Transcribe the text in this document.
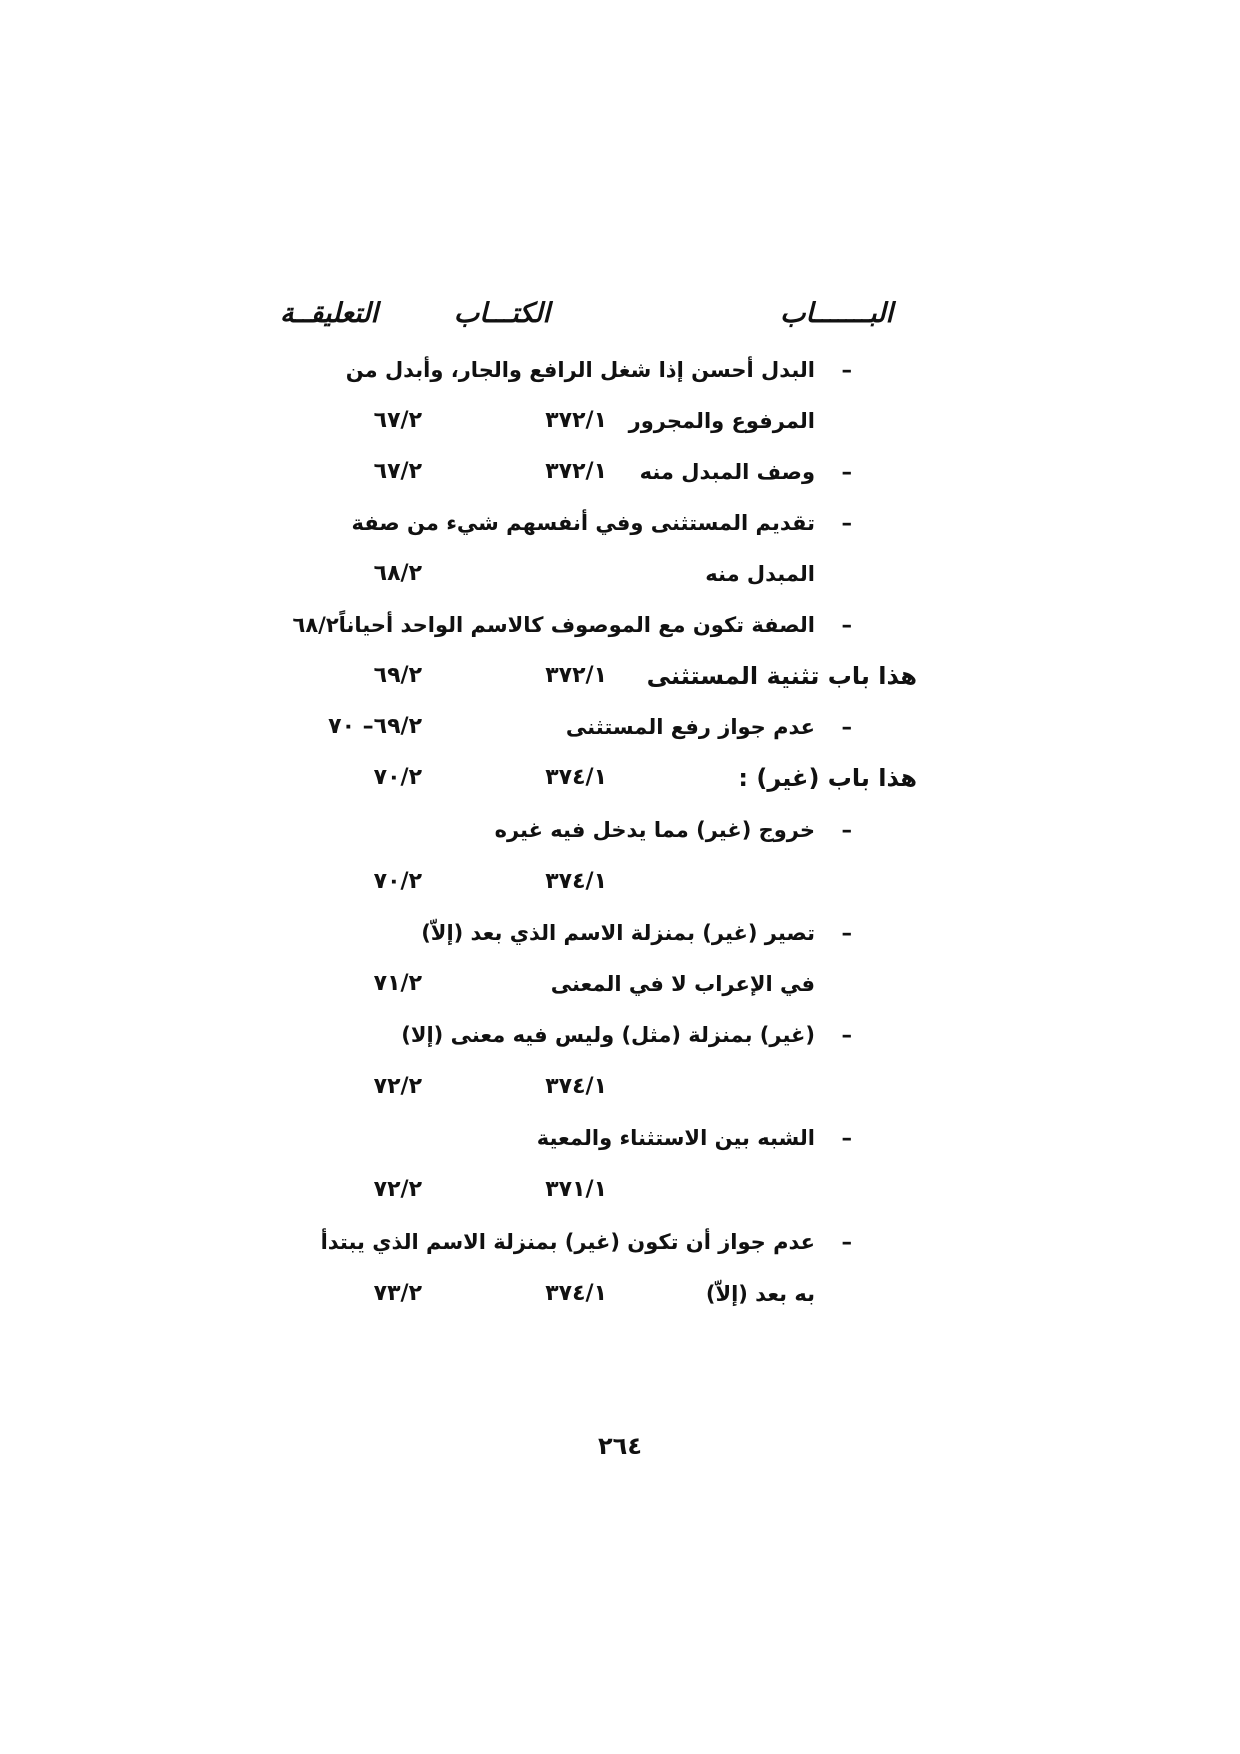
البـــــــاب
الكتـــاب
التعليقــة
–
البدل أحسن إذا شغل الرافع والجار، وأبدل من
المرفوع والمجرور
٣٧٢/١
٦٧/٢
–
وصف المبدل منه
٣٧٢/١
٦٧/٢
–
تقديم المستثنى وفي أنفسهم شيء من صفة
المبدل منه
٦٨/٢
–
الصفة تكون مع الموصوف كالاسم الواحد أحياناً٦٨/٢
هذا باب تثنية المستثنى
٣٧٢/١
٦٩/٢
–
عدم جواز رفع المستثنى
٦٩/٢– ٧٠
هذا باب (غير) :
٣٧٤/١
٧٠/٢
–
خروج (غير) مما يدخل فيه غيره
٣٧٤/١
٧٠/٢
–
تصير (غير) بمنزلة الاسم الذي بعد (إلاّ)
في الإعراب لا في المعنى
٧١/٢
–
(غير) بمنزلة (مثل) وليس فيه معنى (إلا)
٣٧٤/١
٧٢/٢
–
الشبه بين الاستثناء والمعية
٣٧١/١
٧٢/٢
–
عدم جواز أن تكون (غير) بمنزلة الاسم الذي يبتدأ
به بعد (إلاّ)
٣٧٤/١
٧٣/٢
٢٦٤
